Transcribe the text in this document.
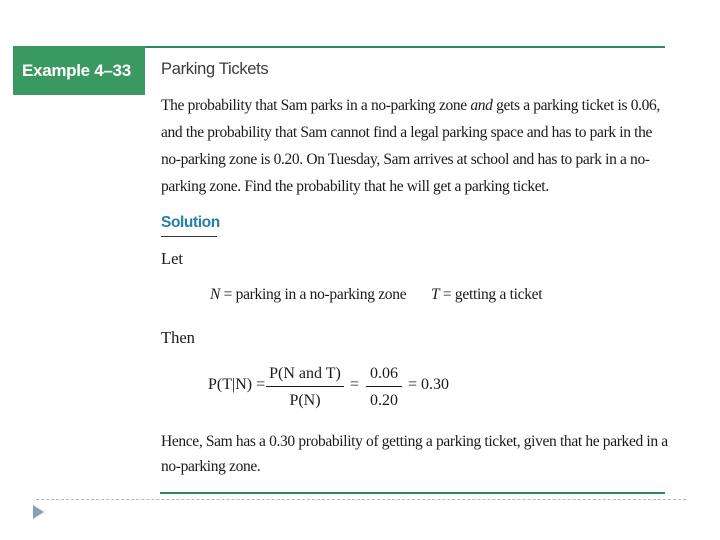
Example 4–33	Parking Tickets
The probability that Sam parks in a no-parking zone and gets a parking ticket is 0.06, and the probability that Sam cannot find a legal parking space and has to park in the no-parking zone is 0.20. On Tuesday, Sam arrives at school and has to park in a no-parking zone. Find the probability that he will get a parking ticket.
Solution
Let
N = parking in a no-parking zone T = getting a ticket
Then
P(T|N) =
P(N and T)
P(N)
=
0.06
0.20
= 0.30
Hence, Sam has a 0.30 probability of getting a parking ticket, given that he parked in a no-parking zone.
